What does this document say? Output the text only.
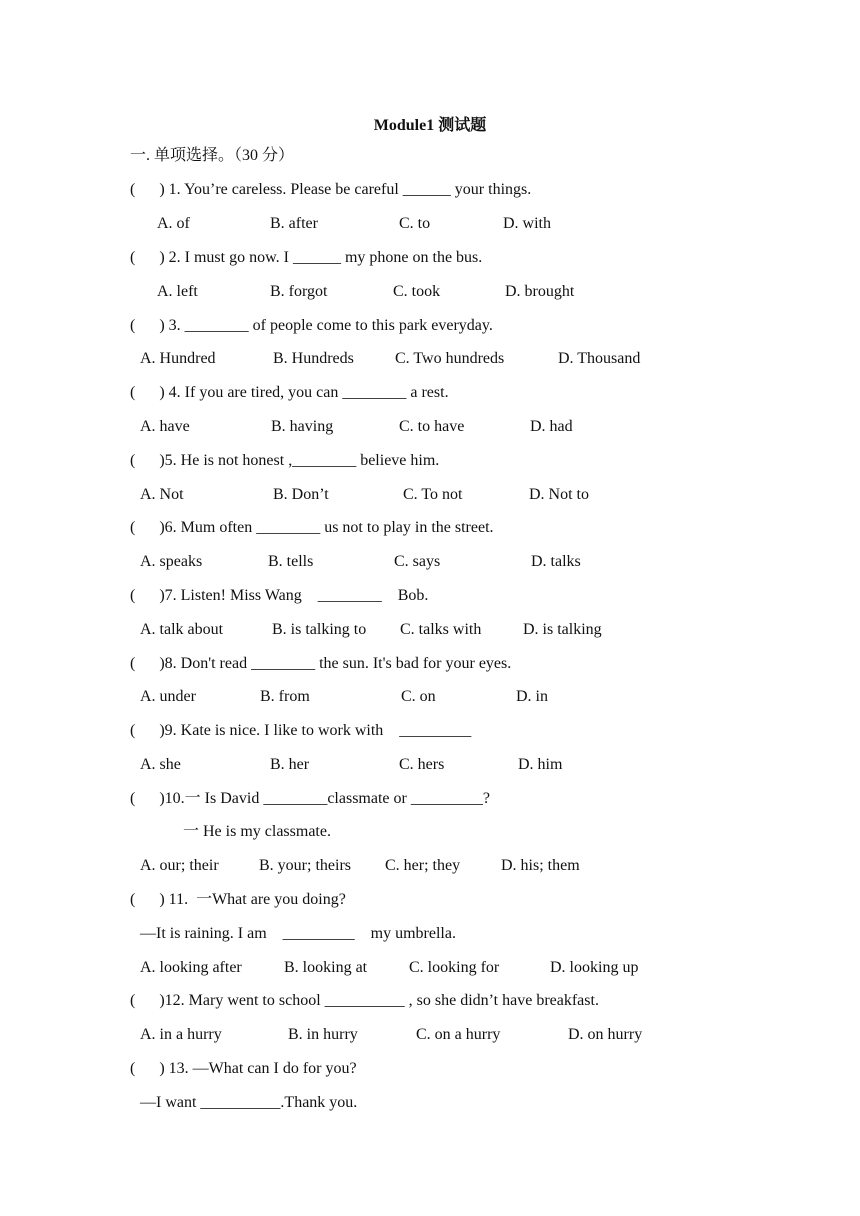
Module1 测试题
一. 单项选择。（30 分）
(      ) 1. You’re careless. Please be careful ______ your things.
A. of	B. after	C. to	D. with
(      ) 2. I must go now. I ______ my phone on the bus.
A. left	B. forgot	C. took	D. brought
(      ) 3. ________ of people come to this park everyday.
A. Hundred	B. Hundreds	C. Two hundreds	D. Thousand
(      ) 4. If you are tired, you can ________ a rest.
A. have	B. having	C. to have	D. had
(      )5. He is not honest ,________ believe him.
A. Not	B. Don’t	C. To not	D. Not to
(      )6. Mum often ________ us not to play in the street.
A. speaks	B. tells	C. says	D. talks
(      )7. Listen! Miss Wang    ________    Bob.
A. talk about	B. is talking to C. talks with	D. is talking
(      )8. Don't read ________ the sun. It's bad for your eyes.
A. under	B. from	C. on	D. in
(      )9. Kate is nice. I like to work with    _________
A. she	B. her	C. hers	D. him
(      )10.一 Is David ________classmate or _________?
一 He is my classmate.
A. our; their	B. your; theirs C. her; they	D. his; them
(      ) 11.  一What are you doing?
—It is raining. I am    _________    my umbrella.
A. looking after	B. looking at	C. looking for	D. looking up
(      )12. Mary went to school __________ , so she didn’t have breakfast.
A. in a hurry	B. in hurry	C. on a hurry	D. on hurry
(      ) 13. —What can I do for you?
—I want __________.Thank you.
